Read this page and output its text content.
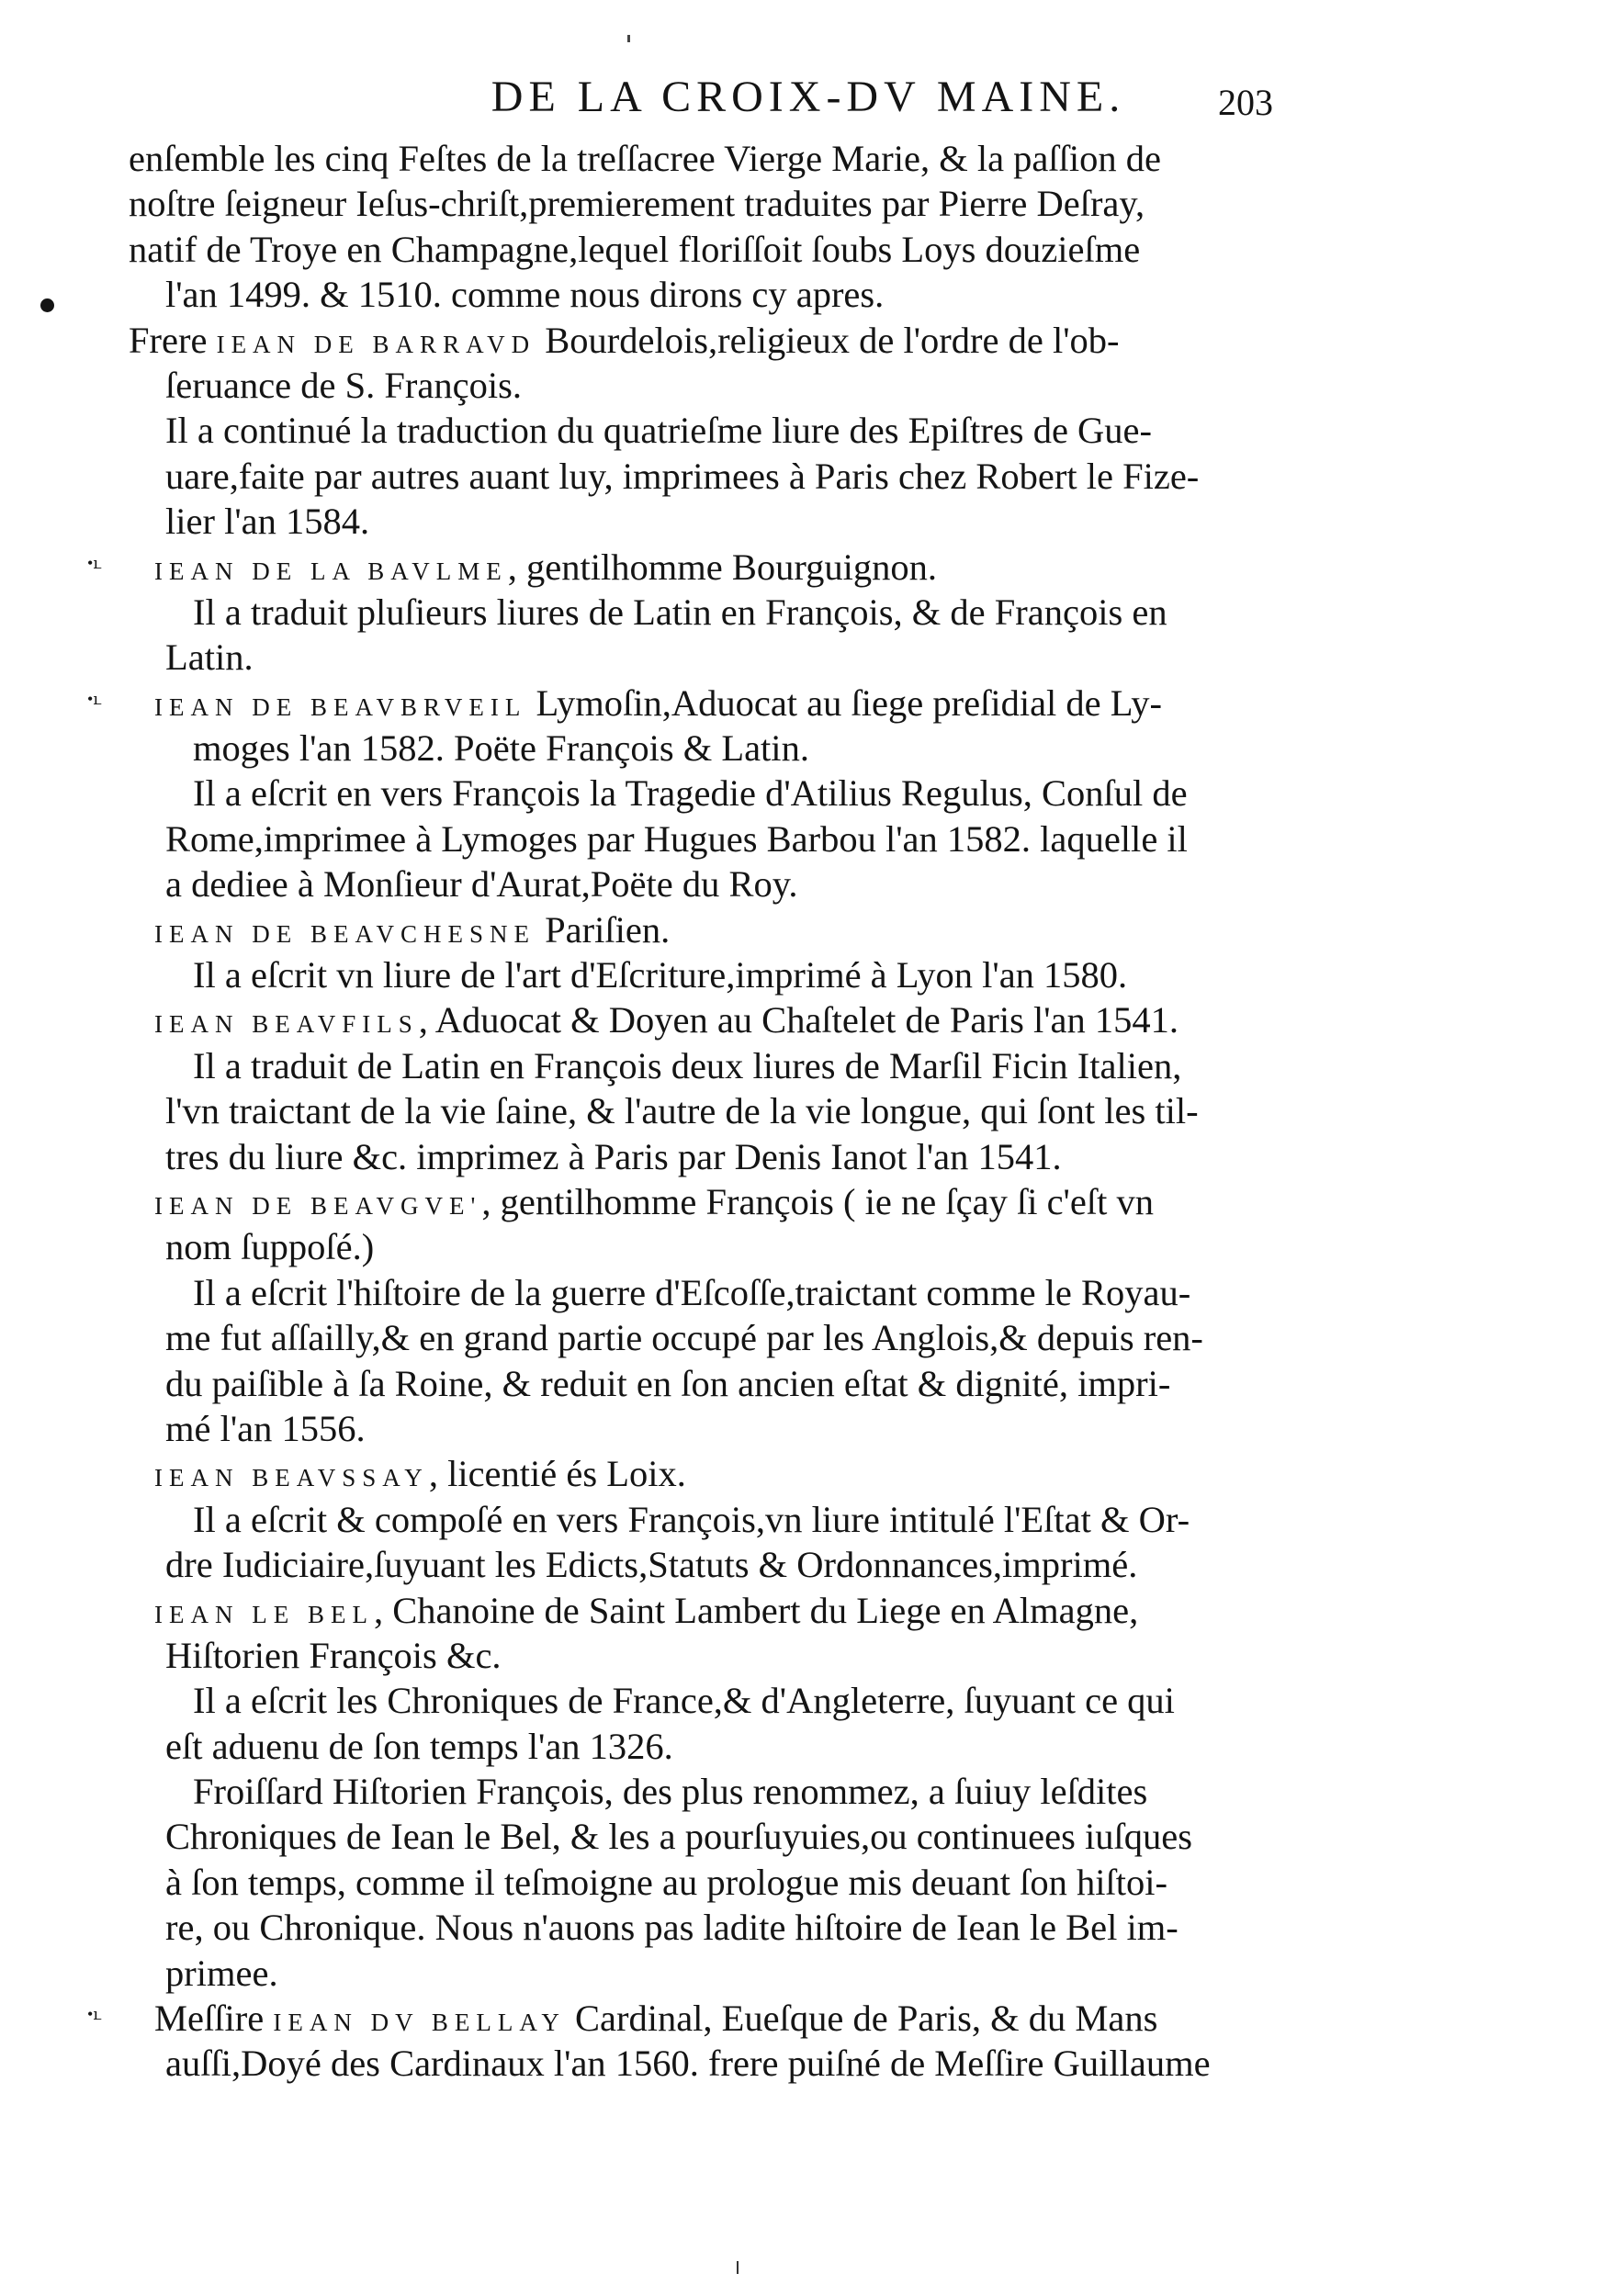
DE LA CROIX-DV MAINE.	203
enſemble les cinq Feſtes de la treſſacree Vierge Marie, & la paſſion de
noſtre ſeigneur Ieſus-chriſt,premierement traduites par Pierre Deſray,
natif de Troye en Champagne,lequel floriſſoit ſoubs Loys douzieſme
l'an 1499. & 1510. comme nous dirons cy apres.
Frere IEAN DE BARRAVD Bourdelois,religieux de l'ordre de l'ob-
ſeruance de S. François.
Il a continué la traduction du quatrieſme liure des Epiſtres de Gue-
uare,faite par autres auant luy, imprimees à Paris chez Robert le Fize-
lier l'an 1584.
•ւ IEAN DE LA BAVLME, gentilhomme Bourguignon.
Il a traduit pluſieurs liures de Latin en François, & de François en
Latin.
•ւ IEAN DE BEAVBRVEIL Lymoſin,Aduocat au ſiege preſidial de Ly-
moges l'an 1582. Poëte François & Latin.
Il a eſcrit en vers François la Tragedie d'Atilius Regulus, Conſul de
Rome,imprimee à Lymoges par Hugues Barbou l'an 1582. laquelle il
a dediee à Monſieur d'Aurat,Poëte du Roy.
IEAN DE BEAVCHESNE Pariſien.
Il a eſcrit vn liure de l'art d'Eſcriture,imprimé à Lyon l'an 1580.
IEAN BEAVFILS, Aduocat & Doyen au Chaſtelet de Paris l'an 1541.
Il a traduit de Latin en François deux liures de Marſil Ficin Italien,
l'vn traictant de la vie ſaine, & l'autre de la vie longue, qui ſont les til-
tres du liure &c. imprimez à Paris par Denis Ianot l'an 1541.
IEAN DE BEAVGVE', gentilhomme François ( ie ne ſçay ſi c'eſt vn
nom ſuppoſé.)
Il a eſcrit l'hiſtoire de la guerre d'Eſcoſſe,traictant comme le Royau-
me fut aſſailly,& en grand partie occupé par les Anglois,& depuis ren-
du paiſible à ſa Roine, & reduit en ſon ancien eſtat & dignité, impri-
mé l'an 1556.
IEAN BEAVSSAY, licentié és Loix.
Il a eſcrit & compoſé en vers François,vn liure intitulé l'Eſtat & Or-
dre Iudiciaire,ſuyuant les Edicts,Statuts & Ordonnances,imprimé.
IEAN LE BEL, Chanoine de Saint Lambert du Liege en Almagne,
Hiſtorien François &c.
Il a eſcrit les Chroniques de France,& d'Angleterre, ſuyuant ce qui
eſt aduenu de ſon temps l'an 1326.
Froiſſard Hiſtorien François, des plus renommez, a ſuiuy leſdites
Chroniques de Iean le Bel, & les a pourſuyuies,ou continuees iuſques
à ſon temps, comme il teſmoigne au prologue mis deuant ſon hiſtoi-
re, ou Chronique. Nous n'auons pas ladite hiſtoire de Iean le Bel im-
primee.
•ւ Meſſire IEAN DV BELLAY Cardinal, Eueſque de Paris, & du Mans
auſſi,Doyé des Cardinaux l'an 1560. frere puiſné de Meſſire Guillaume
